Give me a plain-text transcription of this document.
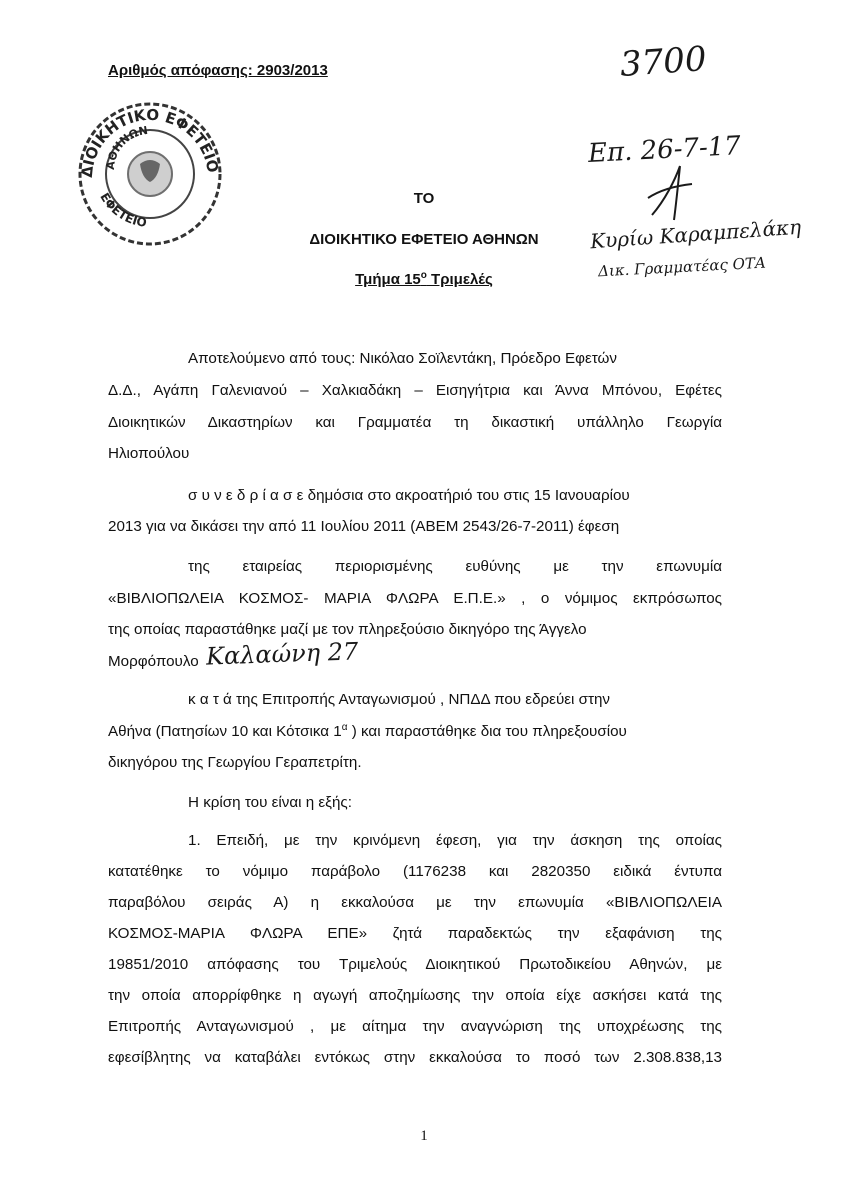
Αριθμός απόφασης: 2903/2013
ΔΙΟΙΚΗΤΙΚΟ ΕΦΕΤΕΙΟ
ΑΘΗΝΩΝ
ΕΦΕΤΕΙΟ
ΤΟ
ΔΙΟΙΚΗΤΙΚΟ ΕΦΕΤΕΙΟ ΑΘΗΝΩΝ
Τμήμα $15^o$ Τριμελές
3700
Επ. 26-7-17
Κυρίω Καραμπελάκη
Δικ. Γραμματέας ΟΤΑ
Αποτελούμενο από τους: Νικόλαο Σοϊλεντάκη, Πρόεδρο Εφετών
Δ.Δ., Αγάπη Γαλενιανού – Χαλκιαδάκη – Εισηγήτρια και Άννα Μπόνου, Εφέτες
Διοικητικών Δικαστηρίων και Γραμματέα τη δικαστική υπάλληλο Γεωργία
Ηλιοπούλου
σ υ ν ε δ ρ ί α σ ε δημόσια στο ακροατήριό του στις 15 Ιανουαρίου
2013 για να δικάσει την από 11 Ιουλίου 2011 (ΑΒΕΜ 2543/26-7-2011) έφεση
της εταιρείας περιορισμένης ευθύνης με την επωνυμία
«ΒΙΒΛΙΟΠΩΛΕΙΑ ΚΟΣΜΟΣ- ΜΑΡΙΑ ΦΛΩΡΑ Ε.Π.Ε.» , ο νόμιμος εκπρόσωπος
της οποίας παραστάθηκε μαζί με τον πληρεξούσιο δικηγόρο της Άγγελο
Μορφόπουλο Καλαώνη 27
κ α τ ά της Επιτροπής Ανταγωνισμού , ΝΠΔΔ που εδρεύει στην
Αθήνα (Πατησίων 10 και Κότσικα $1^\alpha$ ) και παραστάθηκε δια του πληρεξουσίου
δικηγόρου της Γεωργίου Γεραπετρίτη.
Η κρίση του είναι η εξής:
1. Επειδή, με την κρινόμενη έφεση, για την άσκηση της οποίας
κατατέθηκε το νόμιμο παράβολο (1176238 και 2820350 ειδικά έντυπα
παραβόλου σειράς Α) η εκκαλούσα με την επωνυμία «ΒΙΒΛΙΟΠΩΛΕΙΑ
ΚΟΣΜΟΣ-ΜΑΡΙΑ ΦΛΩΡΑ ΕΠΕ» ζητά παραδεκτώς την εξαφάνιση της
19851/2010 απόφασης του Τριμελούς Διοικητικού Πρωτοδικείου Αθηνών, με
την οποία απορρίφθηκε η αγωγή αποζημίωσης την οποία είχε ασκήσει κατά της
Επιτροπής Ανταγωνισμού , με αίτημα την αναγνώριση της υποχρέωσης της
εφεσίβλητης να καταβάλει εντόκως στην εκκαλούσα το ποσό των 2.308.838,13
1
